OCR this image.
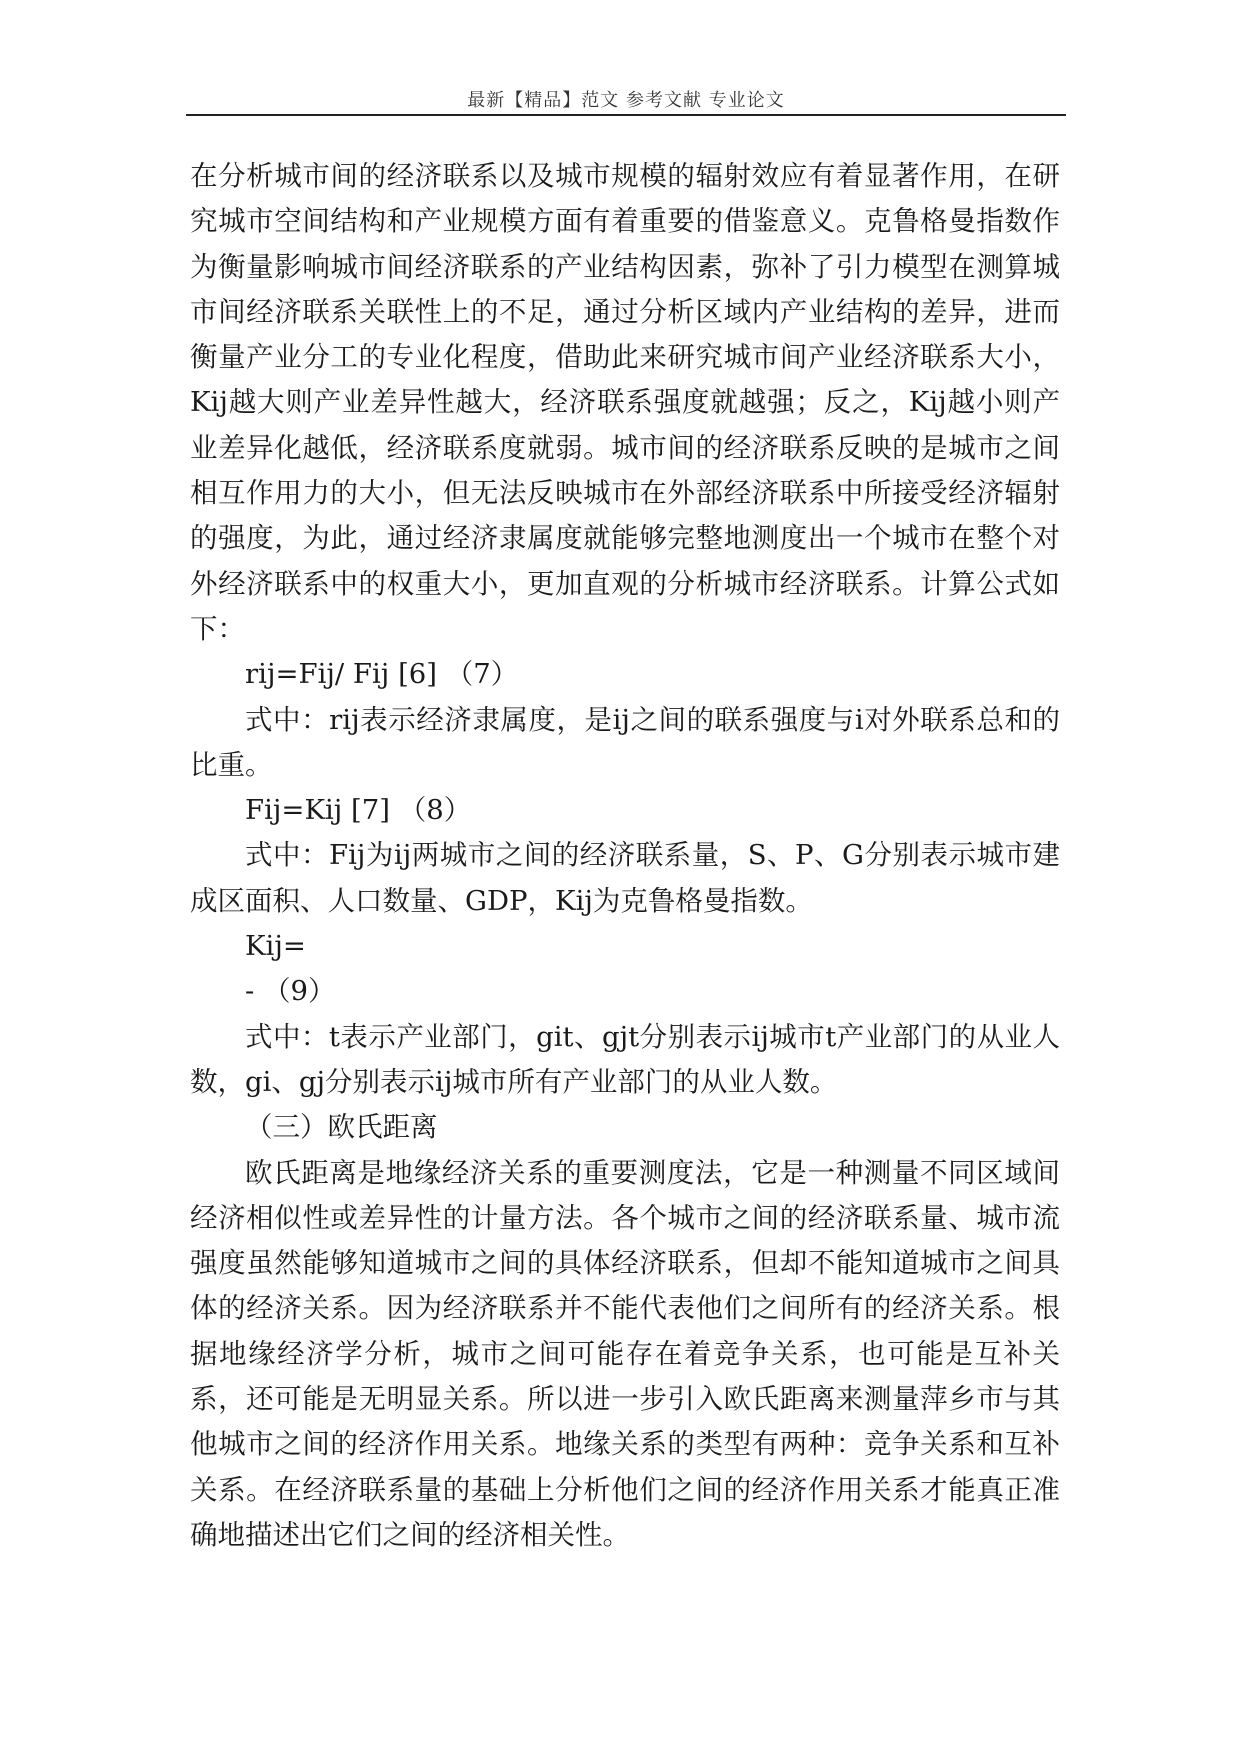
最新【精品】范文 参考文献 专业论文

在分析城市间的经济联系以及城市规模的辐射效应有着显著作用，在研究城市空间结构和产业规模方面有着重要的借鉴意义。克鲁格曼指数作为衡量影响城市间经济联系的产业结构因素，弥补了引力模型在测算城市间经济联系关联性上的不足，通过分析区域内产业结构的差异，进而衡量产业分工的专业化程度，借助此来研究城市间产业经济联系大小，Kij越大则产业差异性越大，经济联系强度就越强；反之，Kij越小则产业差异化越低，经济联系度就弱。城市间的经济联系反映的是城市之间相互作用力的大小，但无法反映城市在外部经济联系中所接受经济辐射的强度，为此，通过经济隶属度就能够完整地测度出一个城市在整个对外经济联系中的权重大小，更加直观的分析城市经济联系。计算公式如下：

rij=Fij/ Fij [6] （7）

式中：rij表示经济隶属度，是ij之间的联系强度与i对外联系总和的比重。

Fij=Kij [7] （8）

式中：Fij为ij两城市之间的经济联系量，S、P、G分别表示城市建成区面积、人口数量、GDP，Kij为克鲁格曼指数。

Kij=

- （9）

式中：t表示产业部门，git、gjt分别表示ij城市t产业部门的从业人数，gi、gj分别表示ij城市所有产业部门的从业人数。

（三）欧氏距离

欧氏距离是地缘经济关系的重要测度法，它是一种测量不同区域间经济相似性或差异性的计量方法。各个城市之间的经济联系量、城市流强度虽然能够知道城市之间的具体经济联系，但却不能知道城市之间具体的经济关系。因为经济联系并不能代表他们之间所有的经济关系。根据地缘经济学分析，城市之间可能存在着竞争关系，也可能是互补关系，还可能是无明显关系。所以进一步引入欧氏距离来测量萍乡市与其他城市之间的经济作用关系。地缘关系的类型有两种：竞争关系和互补关系。在经济联系量的基础上分析他们之间的经济作用关系才能真正准确地描述出它们之间的经济相关性。
